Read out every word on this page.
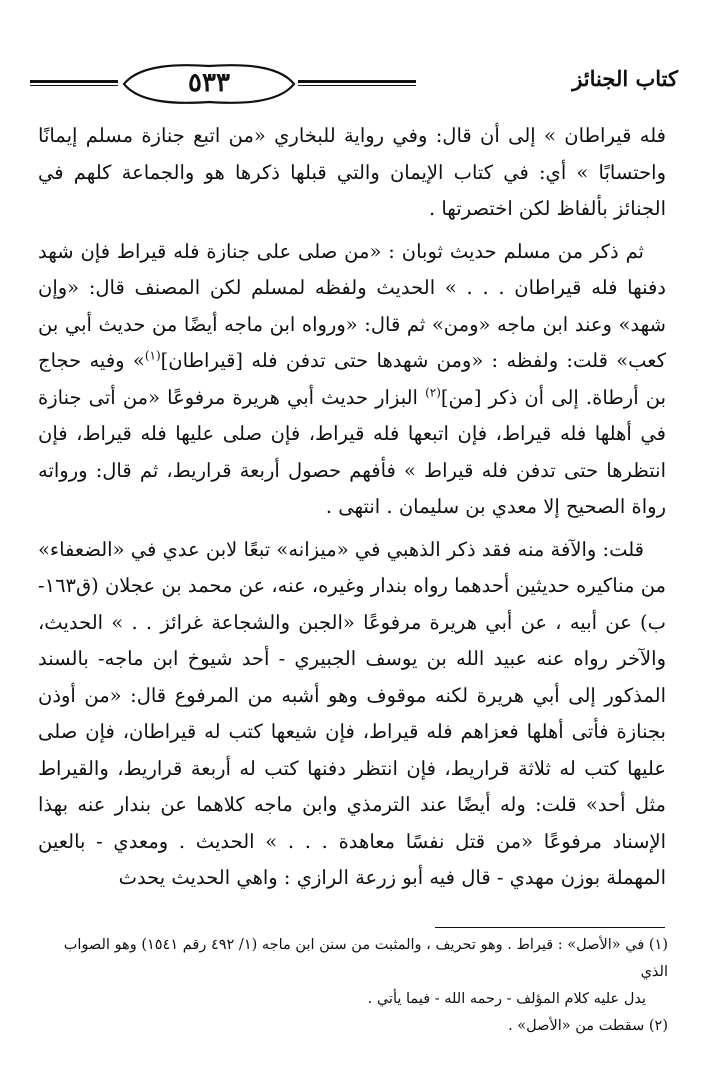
٥٣٣	كتاب الجنائز

فله قيراطان » إلى أن قال: وفي رواية للبخاري «من اتبع جنازة مسلم إيمانًا واحتسابًا » أي: في كتاب الإيمان والتي قبلها ذكرها هو والجماعة كلهم في الجنائز بألفاظ لكن اختصرتها .

ثم ذكر من مسلم حديث ثوبان : «من صلى على جنازة فله قيراط فإن شهد دفنها فله قيراطان . . . » الحديث ولفظه لمسلم لكن المصنف قال: «وإن شهد» وعند ابن ماجه «ومن» ثم قال: «ورواه ابن ماجه أيضًا من حديث أبي بن كعب» قلت: ولفظه : «ومن شهدها حتى تدفن فله [قيراطان]$^{(١)}$» وفيه حجاج بن أرطاة. إلى أن ذكر [من]$^{(٢)}$ البزار حديث أبي هريرة مرفوعًا «من أتى جنازة في أهلها فله قيراط، فإن اتبعها فله قيراط، فإن صلى عليها فله قيراط، فإن انتظرها حتى تدفن فله قيراط » فأفهم حصول أربعة قراريط، ثم قال: ورواته رواة الصحيح إلا معدي بن سليمان . انتهى .

قلت: والآفة منه فقد ذكر الذهبي في «ميزانه» تبعًا لابن عدي في «الضعفاء» من مناكيره حديثين أحدهما رواه بندار وغيره، عنه، عن محمد بن عجلان (ق١٦٣-ب) عن أبيه ، عن أبي هريرة مرفوعًا «الجبن والشجاعة غرائز . . » الحديث، والآخر رواه عنه عبيد الله بن يوسف الجبيري - أحد شيوخ ابن ماجه- بالسند المذكور إلى أبي هريرة لكنه موقوف وهو أشبه من المرفوع قال: «من أوذن بجنازة فأتى أهلها فعزاهم فله قيراط، فإن شيعها كتب له قيراطان، فإن صلى عليها كتب له ثلاثة قراريط، فإن انتظر دفنها كتب له أربعة قراريط، والقيراط مثل أحد» قلت: وله أيضًا عند الترمذي وابن ماجه كلاهما عن بندار عنه بهذا الإسناد مرفوعًا «من قتل نفسًا معاهدة . . . » الحديث . ومعدي - بالعين المهملة بوزن مهدي - قال فيه أبو زرعة الرازي : واهي الحديث يحدث

(١) في «الأصل» : قيراط . وهو تحريف ، والمثبت من سنن ابن ماجه (١/ ٤٩٢ رقم ١٥٤١) وهو الصواب الذي

يدل عليه كلام المؤلف - رحمه الله - فيما يأتي .

(٢) سقطت من «الأصل» .
